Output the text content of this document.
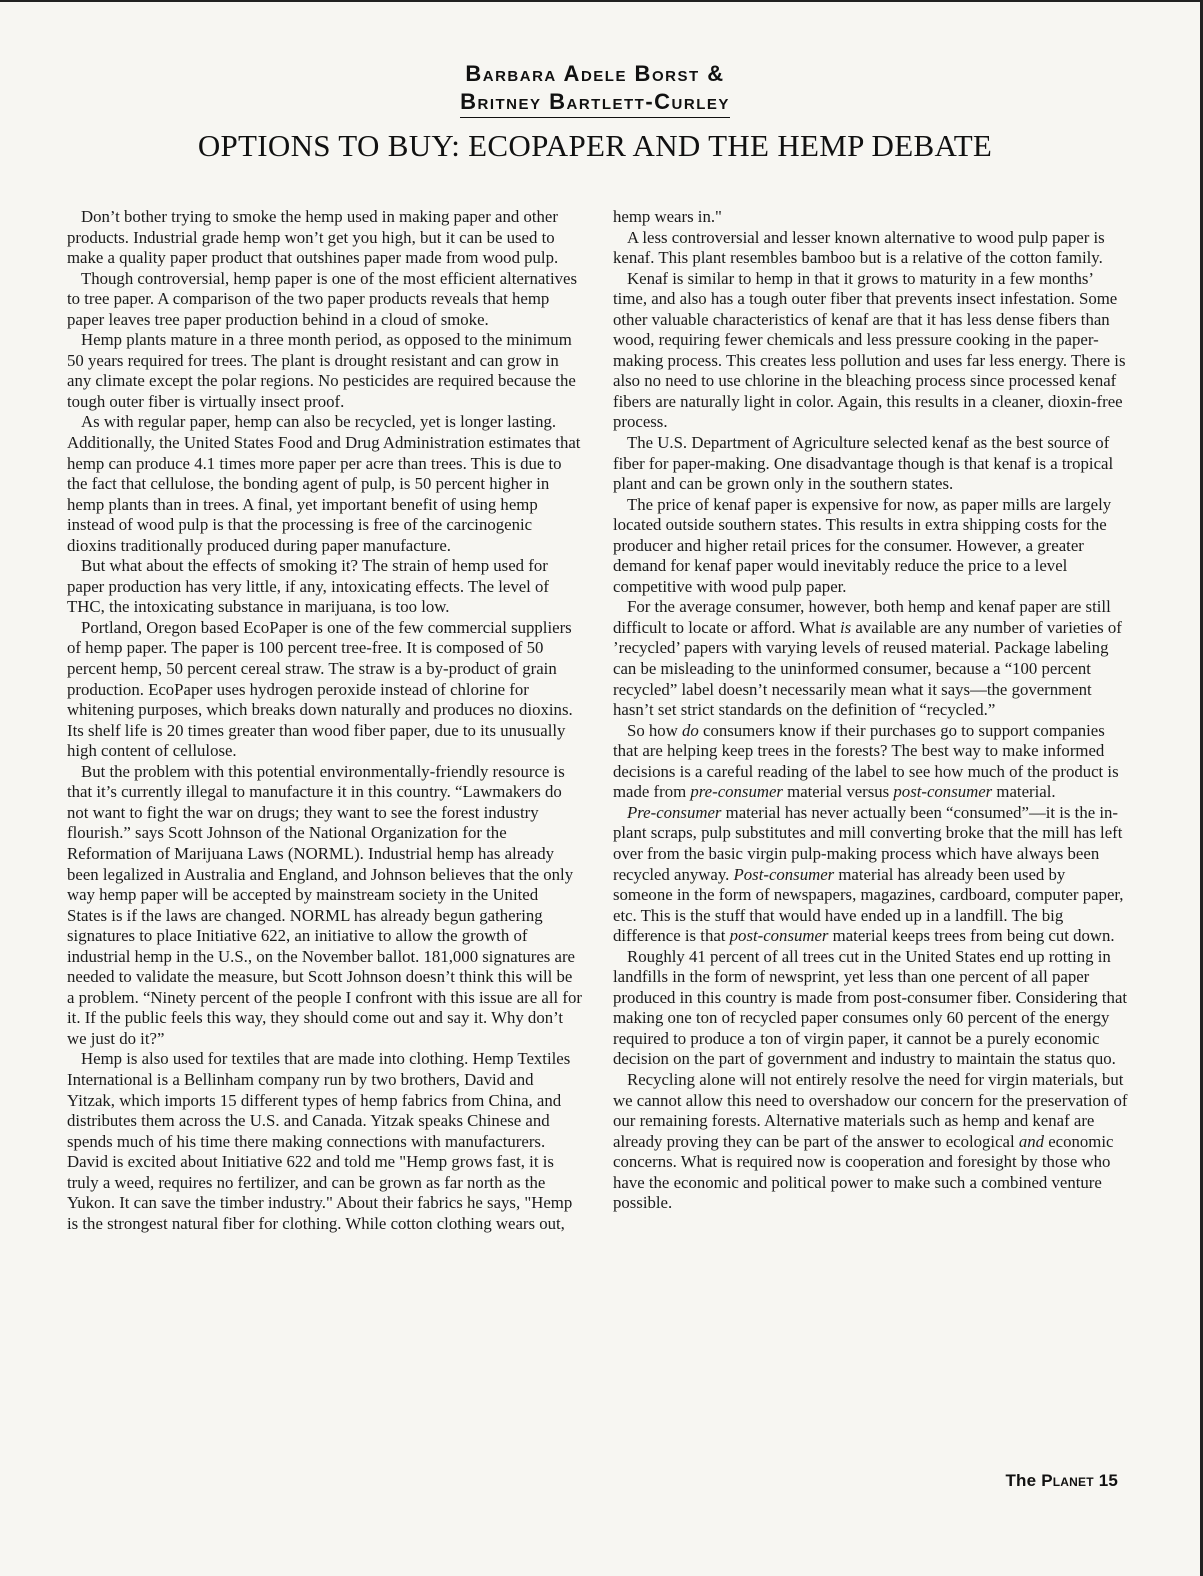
Barbara Adele Borst &
Britney Bartlett-Curley
OPTIONS TO BUY: ECOPAPER AND THE HEMP DEBATE

Don’t bother trying to smoke the hemp used in making paper and other products. Industrial grade hemp won’t get you high, but it can be used to make a quality paper product that outshines paper made from wood pulp.

Though controversial, hemp paper is one of the most efficient alternatives to tree paper. A comparison of the two paper products reveals that hemp paper leaves tree paper production behind in a cloud of smoke.

Hemp plants mature in a three month period, as opposed to the minimum 50 years required for trees. The plant is drought resistant and can grow in any climate except the polar regions. No pesticides are required because the tough outer fiber is virtually insect proof.

As with regular paper, hemp can also be recycled, yet is longer lasting. Additionally, the United States Food and Drug Administration estimates that hemp can produce 4.1 times more paper per acre than trees. This is due to the fact that cellulose, the bonding agent of pulp, is 50 percent higher in hemp plants than in trees. A final, yet important benefit of using hemp instead of wood pulp is that the processing is free of the carcinogenic dioxins traditionally produced during paper manufacture.

But what about the effects of smoking it? The strain of hemp used for paper production has very little, if any, intoxicating effects. The level of THC, the intoxicating substance in marijuana, is too low.

Portland, Oregon based EcoPaper is one of the few commercial suppliers of hemp paper. The paper is 100 percent tree-free. It is composed of 50 percent hemp, 50 percent cereal straw. The straw is a by-product of grain production. EcoPaper uses hydrogen peroxide instead of chlorine for whitening purposes, which breaks down naturally and produces no dioxins. Its shelf life is 20 times greater than wood fiber paper, due to its unusually high content of cellulose.

But the problem with this potential environmentally-friendly resource is that it’s currently illegal to manufacture it in this country. “Lawmakers do not want to fight the war on drugs; they want to see the forest industry flourish.” says Scott Johnson of the National Organization for the Reformation of Marijuana Laws (NORML). Industrial hemp has already been legalized in Australia and England, and Johnson believes that the only way hemp paper will be accepted by mainstream society in the United States is if the laws are changed. NORML has already begun gathering signatures to place Initiative 622, an initiative to allow the growth of industrial hemp in the U.S., on the November ballot. 181,000 signatures are needed to validate the measure, but Scott Johnson doesn’t think this will be a problem. “Ninety percent of the people I confront with this issue are all for it. If the public feels this way, they should come out and say it. Why don’t we just do it?”

Hemp is also used for textiles that are made into clothing. Hemp Textiles International is a Bellinham company run by two brothers, David and Yitzak, which imports 15 different types of hemp fabrics from China, and distributes them across the U.S. and Canada. Yitzak speaks Chinese and spends much of his time there making connections with manufacturers. David is excited about Initiative 622 and told me "Hemp grows fast, it is truly a weed, requires no fertilizer, and can be grown as far north as the Yukon. It can save the timber industry." About their fabrics he says, "Hemp is the strongest natural fiber for clothing. While cotton clothing wears out,

hemp wears in."

A less controversial and lesser known alternative to wood pulp paper is kenaf. This plant resembles bamboo but is a relative of the cotton family.

Kenaf is similar to hemp in that it grows to maturity in a few months’ time, and also has a tough outer fiber that prevents insect infestation. Some other valuable characteristics of kenaf are that it has less dense fibers than wood, requiring fewer chemicals and less pressure cooking in the paper-making process. This creates less pollution and uses far less energy. There is also no need to use chlorine in the bleaching process since processed kenaf fibers are naturally light in color. Again, this results in a cleaner, dioxin-free process.

The U.S. Department of Agriculture selected kenaf as the best source of fiber for paper-making. One disadvantage though is that kenaf is a tropical plant and can be grown only in the southern states.

The price of kenaf paper is expensive for now, as paper mills are largely located outside southern states. This results in extra shipping costs for the producer and higher retail prices for the consumer. However, a greater demand for kenaf paper would inevitably reduce the price to a level competitive with wood pulp paper.

For the average consumer, however, both hemp and kenaf paper are still difficult to locate or afford. What is available are any number of varieties of ’recycled’ papers with varying levels of reused material. Package labeling can be misleading to the uninformed consumer, because a “100 percent recycled” label doesn’t necessarily mean what it says—the government hasn’t set strict standards on the definition of “recycled.”

So how do consumers know if their purchases go to support companies that are helping keep trees in the forests? The best way to make informed decisions is a careful reading of the label to see how much of the product is made from pre-consumer material versus post-consumer material.

Pre-consumer material has never actually been “consumed”—it is the in-plant scraps, pulp substitutes and mill converting broke that the mill has left over from the basic virgin pulp-making process which have always been recycled anyway. Post-consumer material has already been used by someone in the form of newspapers, magazines, cardboard, computer paper, etc. This is the stuff that would have ended up in a landfill. The big difference is that post-consumer material keeps trees from being cut down.

Roughly 41 percent of all trees cut in the United States end up rotting in landfills in the form of newsprint, yet less than one percent of all paper produced in this country is made from post-consumer fiber. Considering that making one ton of recycled paper consumes only 60 percent of the energy required to produce a ton of virgin paper, it cannot be a purely economic decision on the part of government and industry to maintain the status quo.

Recycling alone will not entirely resolve the need for virgin materials, but we cannot allow this need to overshadow our concern for the preservation of our remaining forests. Alternative materials such as hemp and kenaf are already proving they can be part of the answer to ecological and economic concerns. What is required now is cooperation and foresight by those who have the economic and political power to make such a combined venture possible.

The Planet 15
